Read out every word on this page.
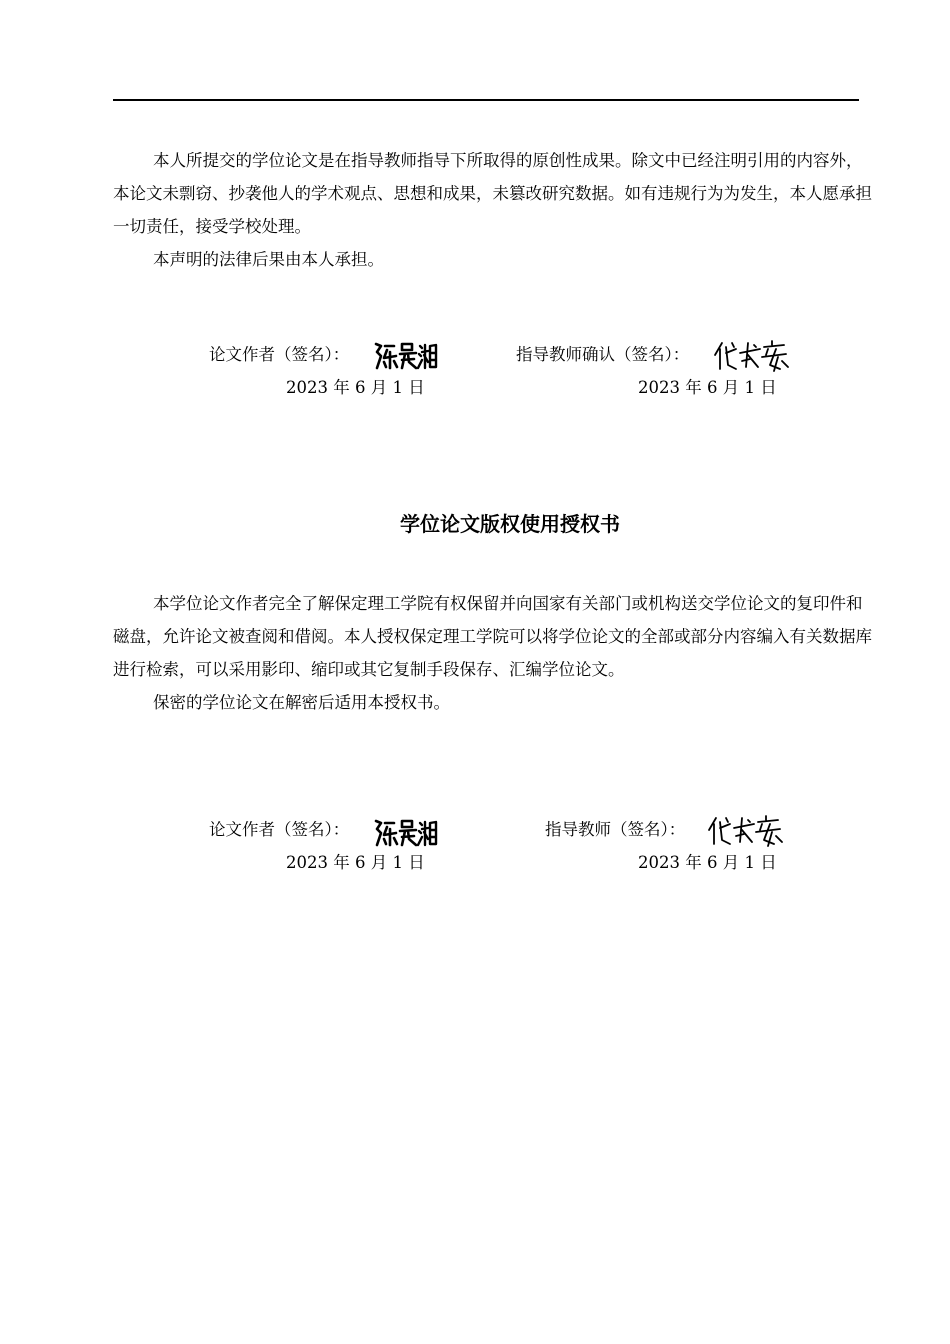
本人所提交的学位论文是在指导教师指导下所取得的原创性成果。除文中已经注明引用的内容外，本论文未剽窃、抄袭他人的学术观点、思想和成果，未篡改研究数据。如有违规行为为发生，本人愿承担一切责任，接受学校处理。

本声明的法律后果由本人承担。

论文作者（签名）：
2023 年 6 月 1 日
指导教师确认（签名）：
2023 年 6 月 1 日
学位论文版权使用授权书

本学位论文作者完全了解保定理工学院有权保留并向国家有关部门或机构送交学位论文的复印件和磁盘，允许论文被查阅和借阅。本人授权保定理工学院可以将学位论文的全部或部分内容编入有关数据库进行检索，可以采用影印、缩印或其它复制手段保存、汇编学位论文。

保密的学位论文在解密后适用本授权书。

论文作者（签名）：
2023 年 6 月 1 日
指导教师（签名）：
2023 年 6 月 1 日
